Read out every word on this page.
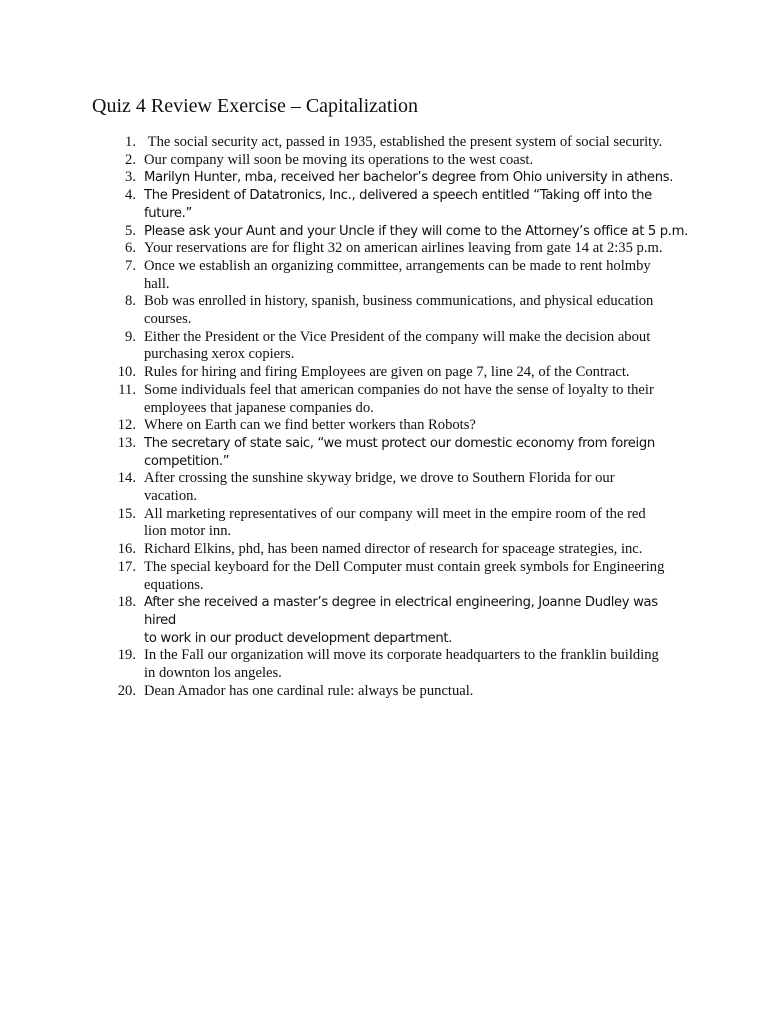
Quiz 4 Review Exercise – Capitalization
1. The social security act, passed in 1935, established the present system of social security.
2. Our company will soon be moving its operations to the west coast.
3. Marilyn Hunter, mba, received her bachelor’s degree from Ohio university in athens.
4. The President of Datatronics, Inc., delivered a speech entitled “Taking off into the
future.”
5. Please ask your Aunt and your Uncle if they will come to the Attorney’s office at 5 p.m.
6. Your reservations are for flight 32 on american airlines leaving from gate 14 at 2:35 p.m.
7. Once we establish an organizing committee, arrangements can be made to rent holmby
hall.
8. Bob was enrolled in history, spanish, business communications, and physical education
courses.
9. Either the President or the Vice President of the company will make the decision about
purchasing xerox copiers.
10. Rules for hiring and firing Employees are given on page 7, line 24, of the Contract.
11. Some individuals feel that american companies do not have the sense of loyalty to their
employees that japanese companies do.
12. Where on Earth can we find better workers than Robots?
13. The secretary of state saic, “we must protect our domestic economy from foreign
competition.”
14. After crossing the sunshine skyway bridge, we drove to Southern Florida for our
vacation.
15. All marketing representatives of our company will meet in the empire room of the red
lion motor inn.
16. Richard Elkins, phd, has been named director of research for spaceage strategies, inc.
17. The special keyboard for the Dell Computer must contain greek symbols for Engineering
equations.
18. After she received a master’s degree in electrical engineering, Joanne Dudley was hired
to work in our product development department.
19. In the Fall our organization will move its corporate headquarters to the franklin building
in downton los angeles.
20. Dean Amador has one cardinal rule: always be punctual.
